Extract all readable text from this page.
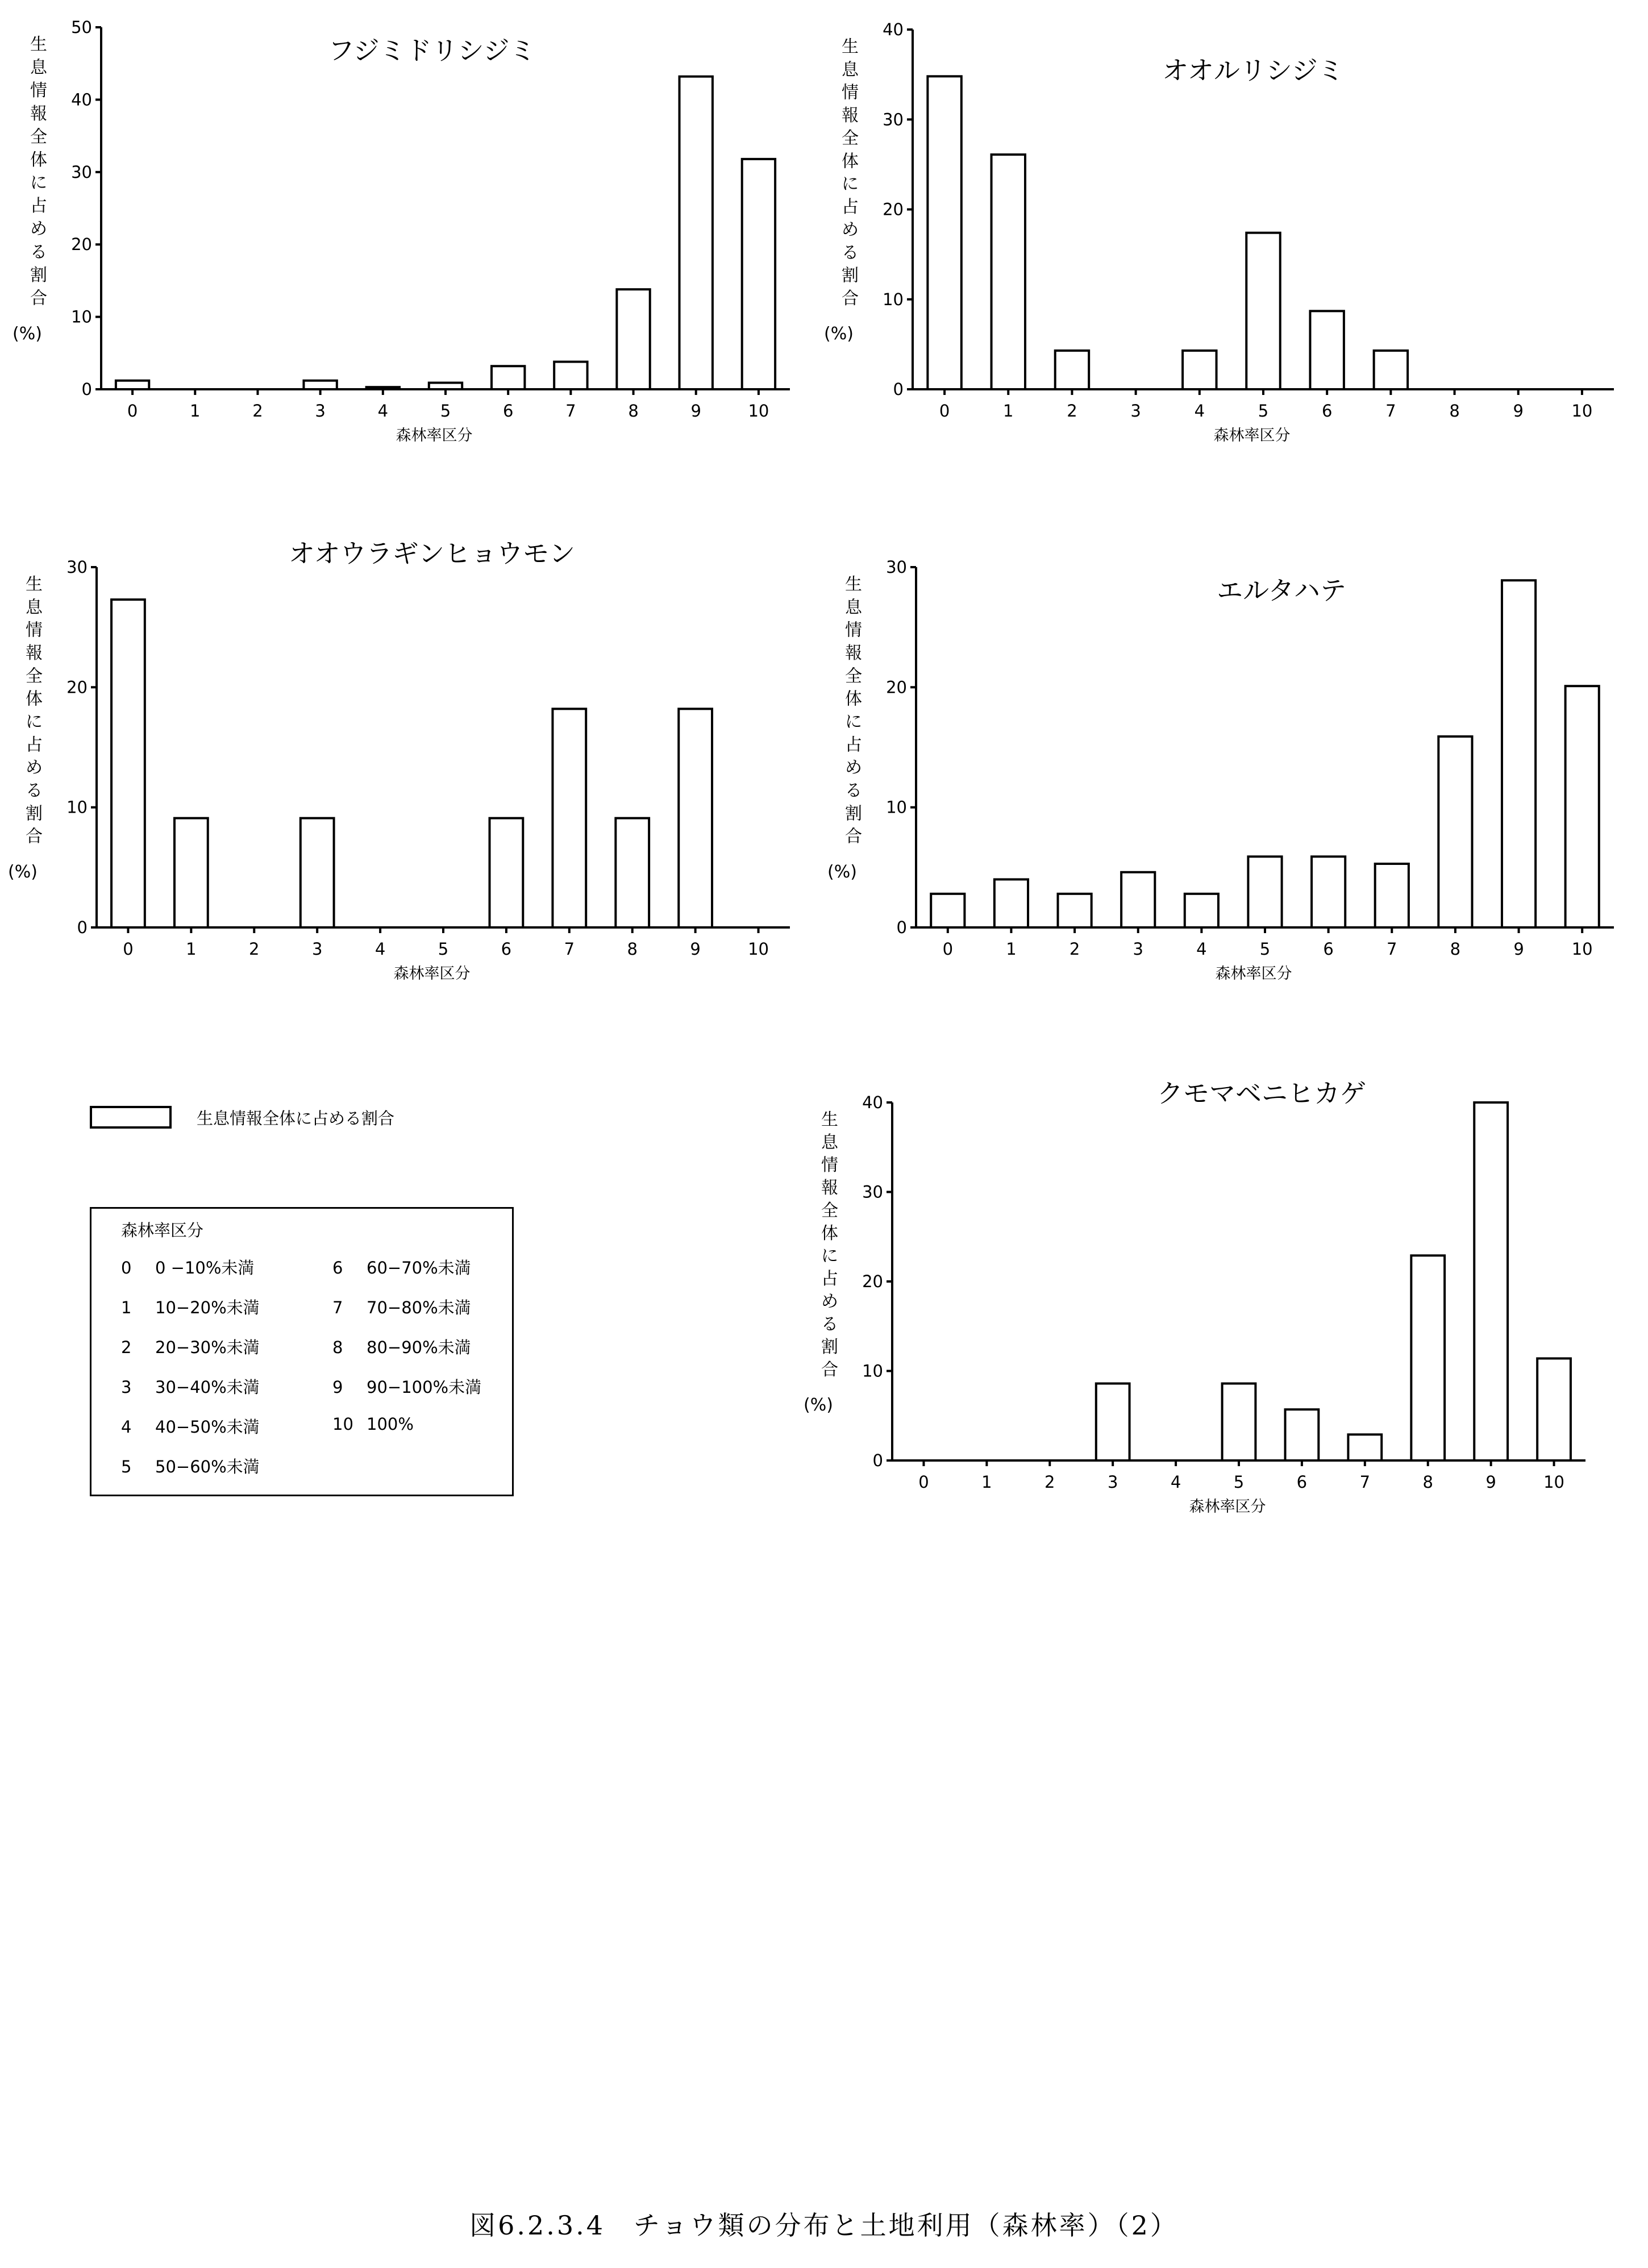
フジミドリシジミ
生息情報全体に占める割合(%)
0
10
20
30
40
50
0	1	2	3	4	5	6	7	8	9	10
森林率区分
オオルリシジミ
生息情報全体に占める割合(%)
0
10
20
30
40
0	1	2	3	4	5	6	7	8	9	10
森林率区分
オオウラギンヒョウモン
生息情報全体に占める割合(%)
0
10
20
30
0	1	2	3	4	5	6	7	8	9	10
森林率区分
エルタハテ
生息情報全体に占める割合(%)
0
10
20
30
0	1	2	3	4	5	6	7	8	9	10
森林率区分
クモマベニヒカゲ
生息情報全体に占める割合(%)
0
10
20
30
40
0	1	2	3	4	5	6	7	8	9	10
森林率区分
生息情報全体に占める割合
森林率区分
0 0 −10%未満
1 10−20%未満
2 20−30%未満
3 30−40%未満
4 40−50%未満
5 50−60%未満
6 60−70%未満
7 70−80%未満
8 80−90%未満
9 90−100%未満
10 100%
図6.2.3.4　チョウ類の分布と土地利用（森林率）（2）
